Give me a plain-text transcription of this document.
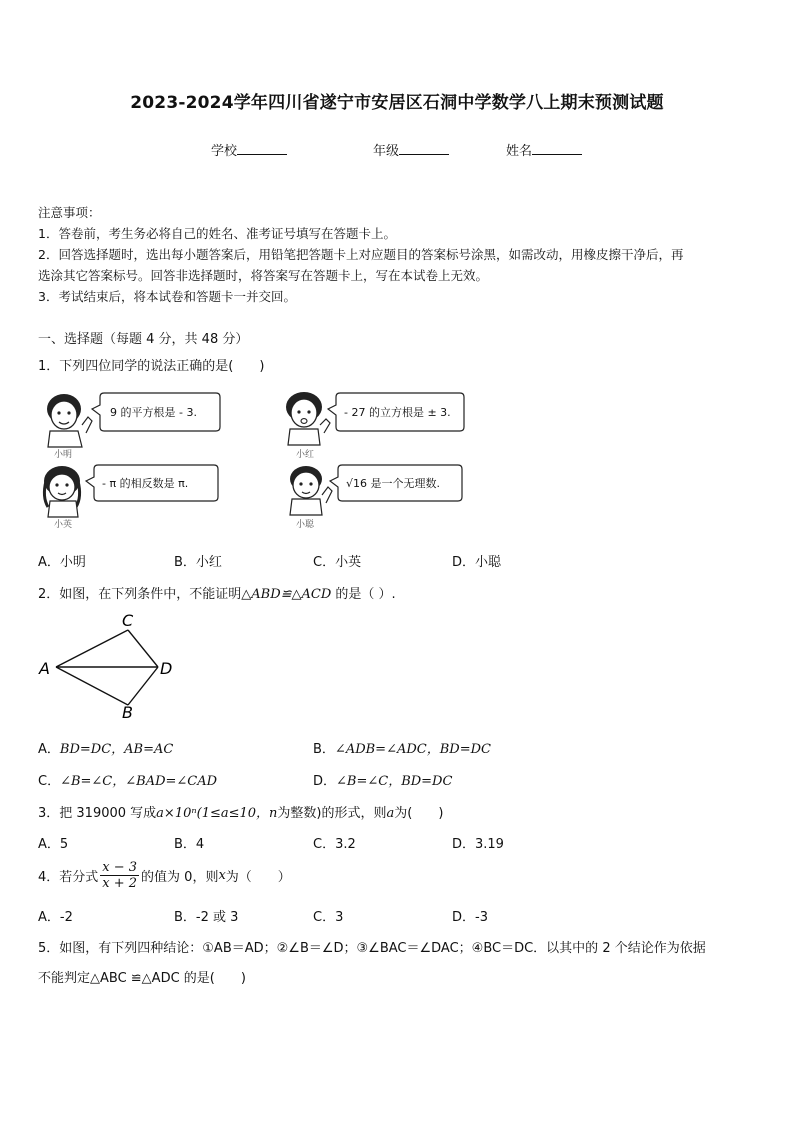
2023-2024学年四川省遂宁市安居区石洞中学数学八上期末预测试题
学校	年级	姓名
注意事项：
1．答卷前，考生务必将自己的姓名、准考证号填写在答题卡上。
2．回答选择题时，选出每小题答案后，用铅笔把答题卡上对应题目的答案标号涂黑，如需改动，用橡皮擦干净后，再
选涂其它答案标号。回答非选择题时，将答案写在答题卡上，写在本试卷上无效。
3．考试结束后，将本试卷和答题卡一并交回。
一、选择题（每题 4 分，共 48 分）
1．下列四位同学的说法正确的是(　　)
9 的平方根是 - 3.
小明
- 27 的立方根是 ± 3.
小红
- π 的相反数是 π.
小英
√16 是一个无理数.
小聪
A．小明	B．小红	C．小英	D．小聪
2．如图，在下列条件中，不能证明△ABD≌△ACD 的是（ ）.
A
B
C
D
A．BD=DC，AB=AC	B．∠ADB=∠ADC，BD=DC
C．∠B=∠C，∠BAD=∠CAD	D．∠B=∠C，BD=DC
3．把 319000 写成a×10ⁿ(1≤a≤10，n为整数)的形式，则a为(　　)
A．5	B．4	C．3.2	D．3.19
4．若分式 $\frac{x - 3}{x + 2}$ 的值为 0，则 x 为（　　）
A．-2	B．-2 或 3	C．3	D．-3
5．如图，有下列四种结论：①AB＝AD；②∠B＝∠D；③∠BAC＝∠DAC；④BC＝DC．以其中的 2 个结论作为依据
不能判定△ABC ≌△ADC 的是(　　)
